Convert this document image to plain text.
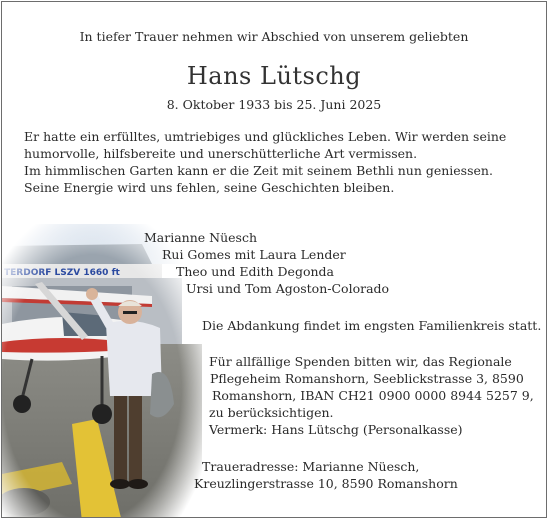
In tiefer Trauer nehmen wir Abschied von unserem geliebten
Hans Lütschg
8. Oktober 1933 bis 25. Juni 2025
Er hatte ein erfülltes, umtriebiges und glückliches Leben. Wir werden seine
humorvolle, hilfsbereite und unerschütterliche Art vermissen.
Im himmlischen Garten kann er die Zeit mit seinem Bethli nun geniessen.
Seine Energie wird uns fehlen, seine Geschichten bleiben.
Marianne Nüesch
Rui Gomes mit Laura Lender
Theo und Edith Degonda
Ursi und Tom Agoston-Colorado
Die Abdankung findet im engsten Familienkreis statt.
Für allfällige Spenden bitten wir, das Regionale
Pflegeheim Romanshorn, Seeblickstrasse 3, 8590
Romanshorn, IBAN CH21 0900 0000 8944 5257 9,
zu berücksichtigen.
Vermerk: Hans Lütschg (Personalkasse)
Traueradresse: Marianne Nüesch,
Kreuzlingerstrasse 10, 8590 Romanshorn
